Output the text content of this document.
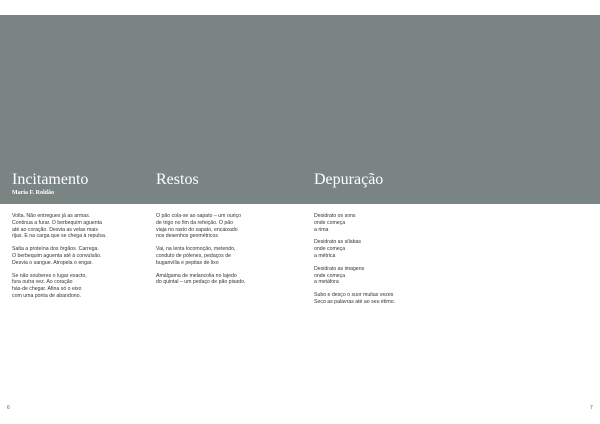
Incitamento
Maria F. Roldão
Restos	Depuração
Volta. Não entregues já as armas.
Continua a furar. O berbequim aguenta
até ao coração. Desvia as velas mais
rijas. E na carga que se chega à repulsa.
Salta a proteína dos ôrgãos. Carrega.
O berbequim aguenta até à convulsão.
Desvia o sangue. Atropela o engar.
Se não souberes o lugar exacto,
fura outra vez. Ao coração
hás-de chegar. Afina só o eixo
com uma ponta de abandono.
O pão cola-se ao sapato – um ouriço
de trigo no fim da refeição. O pão
viaja no rasto do sapato, encaixado
nos desenhos geométricos
Vai, na lenta locomoção, metendo,
conduto de pólenes, pedaços de
buganvília e pepitas de lixo
Amálgama de melancolia no lajedo
do quintal – um pedaço de pão pisado.
Desidrato os sons
onde começa
a rima
Desidrato as sílabas
onde começa
a métrica
Desidrato as imagens
onde começa
a metáfora
Subo e desço o suor muitas vezes
Seco as palavras até ao seu étimo.
6	7
